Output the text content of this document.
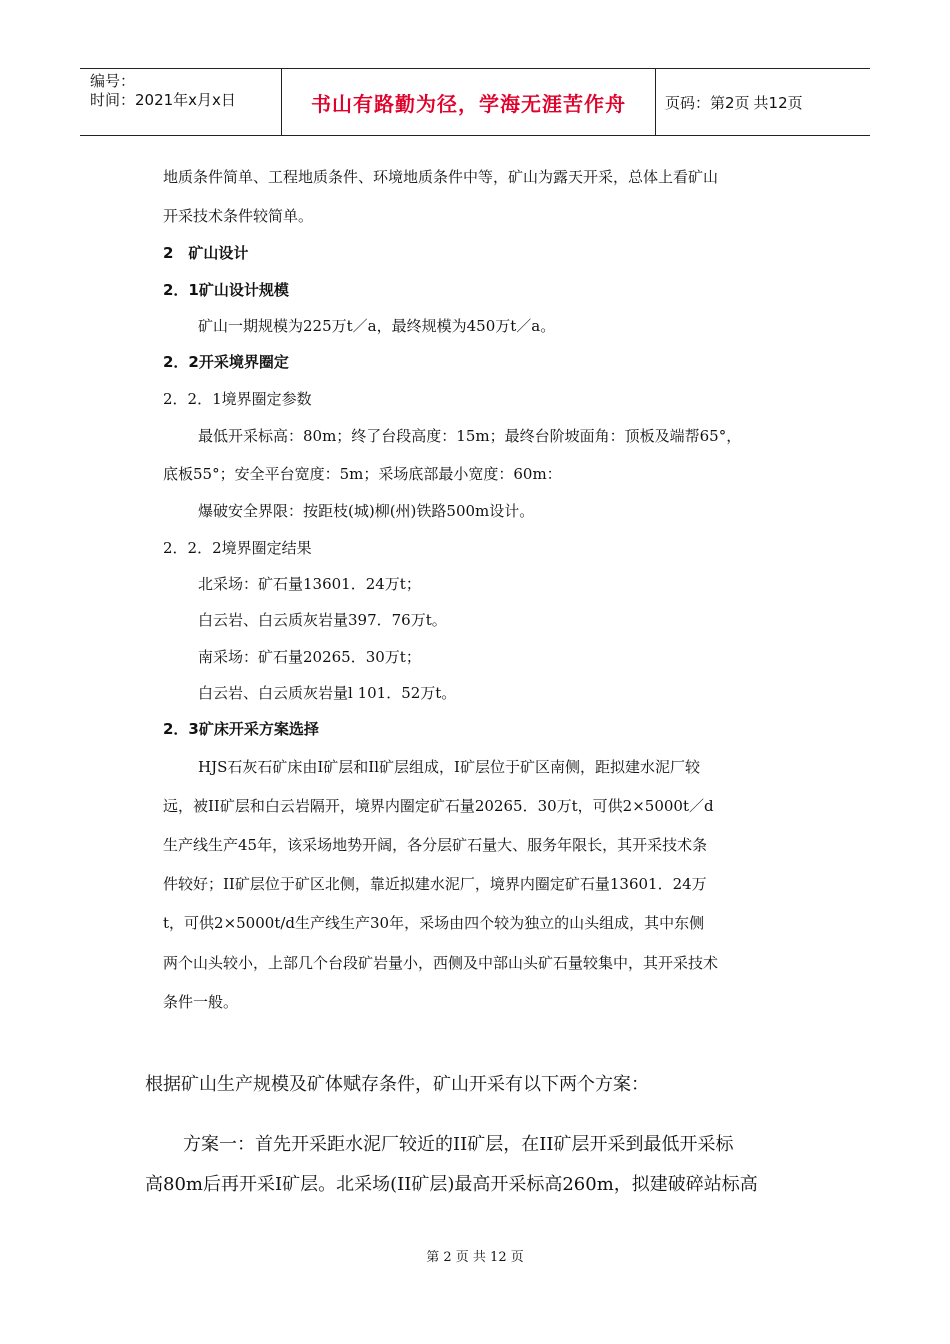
编号：
时间：2021年x月x日	书山有路勤为径，学海无涯苦作舟	页码：第2页 共12页
地质条件简单、工程地质条件、环境地质条件中等，矿山为露天开采，总体上看矿山
开采技术条件较简单。
2　矿山设计
2．1矿山设计规模
矿山一期规模为225万t／a，最终规模为450万t／a。
2．2开采境界圈定
2．2．1境界圈定参数
最低开采标高：80m；终了台段高度：15m；最终台阶坡面角：顶板及端帮65°，
底板55°；安全平台宽度：5m；采场底部最小宽度：60m：
爆破安全界限：按距枝(城)柳(州)铁路500m设计。
2．2．2境界圈定结果
北采场：矿石量13601．24万t；
白云岩、白云质灰岩量397．76万t。
南采场：矿石量20265．30万t；
白云岩、白云质灰岩量l 101．52万t。
2．3矿床开采方案选择
HJS石灰石矿床由I矿层和Il矿层组成，I矿层位于矿区南侧，距拟建水泥厂较
远，被II矿层和白云岩隔开，境界内圈定矿石量20265．30万t，可供2×5000t／d
生产线生产45年，该采场地势开阔，各分层矿石量大、服务年限长，其开采技术条
件较好；II矿层位于矿区北侧，靠近拟建水泥厂，境界内圈定矿石量13601．24万
t，可供2×5000t/d生产线生产30年，采场由四个较为独立的山头组成，其中东侧
两个山头较小，上部几个台段矿岩量小，西侧及中部山头矿石量较集中，其开采技术
条件一般。
根据矿山生产规模及矿体赋存条件，矿山开采有以下两个方案：
方案一：首先开采距水泥厂较近的II矿层，在II矿层开采到最低开采标
高80m后再开采I矿层。北采场(II矿层)最高开采标高260m，拟建破碎站标高
第 2 页 共 12 页
